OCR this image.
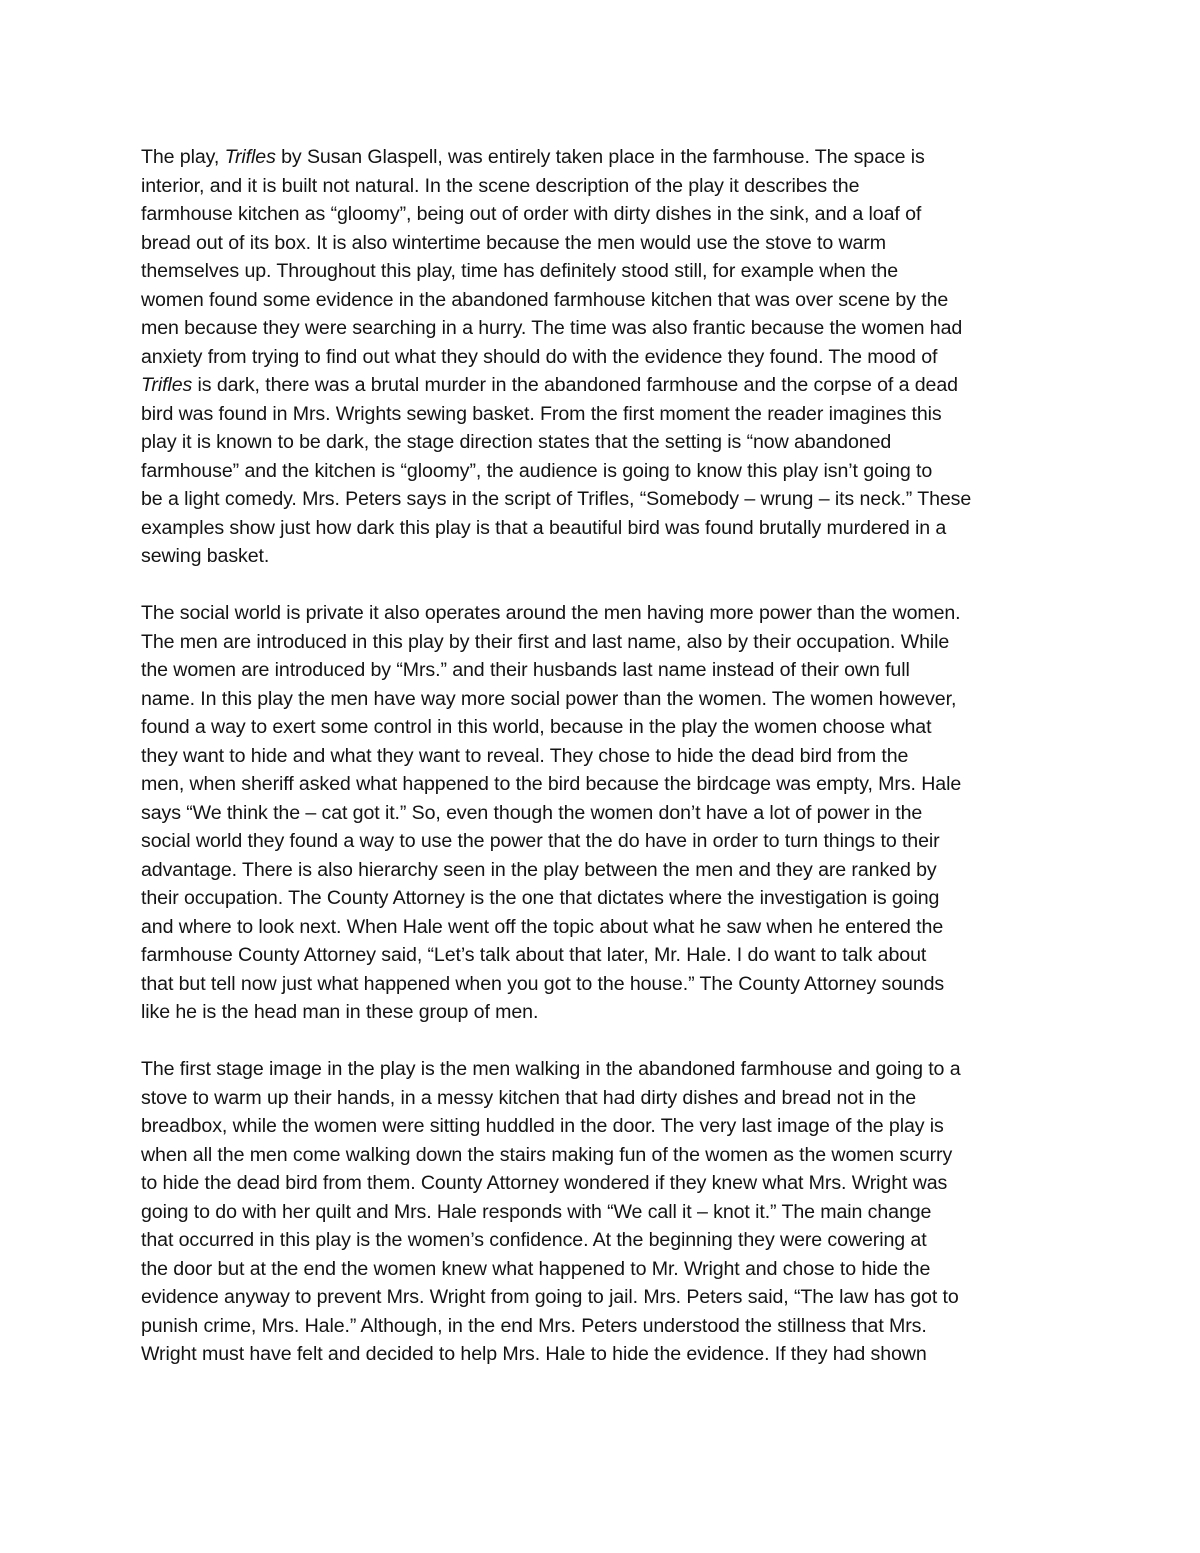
The play, Trifles by Susan Glaspell, was entirely taken place in the farmhouse. The space is
interior, and it is built not natural. In the scene description of the play it describes the
farmhouse kitchen as “gloomy”, being out of order with dirty dishes in the sink, and a loaf of
bread out of its box. It is also wintertime because the men would use the stove to warm
themselves up. Throughout this play, time has definitely stood still, for example when the
women found some evidence in the abandoned farmhouse kitchen that was over scene by the
men because they were searching in a hurry. The time was also frantic because the women had
anxiety from trying to find out what they should do with the evidence they found. The mood of
Trifles is dark, there was a brutal murder in the abandoned farmhouse and the corpse of a dead
bird was found in Mrs. Wrights sewing basket. From the first moment the reader imagines this
play it is known to be dark, the stage direction states that the setting is “now abandoned
farmhouse” and the kitchen is “gloomy”, the audience is going to know this play isn’t going to
be a light comedy. Mrs. Peters says in the script of Trifles, “Somebody – wrung – its neck.” These
examples show just how dark this play is that a beautiful bird was found brutally murdered in a
sewing basket.
The social world is private it also operates around the men having more power than the women.
The men are introduced in this play by their first and last name, also by their occupation. While
the women are introduced by “Mrs.” and their husbands last name instead of their own full
name. In this play the men have way more social power than the women. The women however,
found a way to exert some control in this world, because in the play the women choose what
they want to hide and what they want to reveal. They chose to hide the dead bird from the
men, when sheriff asked what happened to the bird because the birdcage was empty, Mrs. Hale
says “We think the – cat got it.” So, even though the women don’t have a lot of power in the
social world they found a way to use the power that the do have in order to turn things to their
advantage. There is also hierarchy seen in the play between the men and they are ranked by
their occupation. The County Attorney is the one that dictates where the investigation is going
and where to look next. When Hale went off the topic about what he saw when he entered the
farmhouse County Attorney said, “Let’s talk about that later, Mr. Hale. I do want to talk about
that but tell now just what happened when you got to the house.” The County Attorney sounds
like he is the head man in these group of men.
The first stage image in the play is the men walking in the abandoned farmhouse and going to a
stove to warm up their hands, in a messy kitchen that had dirty dishes and bread not in the
breadbox, while the women were sitting huddled in the door. The very last image of the play is
when all the men come walking down the stairs making fun of the women as the women scurry
to hide the dead bird from them. County Attorney wondered if they knew what Mrs. Wright was
going to do with her quilt and Mrs. Hale responds with “We call it – knot it.” The main change
that occurred in this play is the women’s confidence. At the beginning they were cowering at
the door but at the end the women knew what happened to Mr. Wright and chose to hide the
evidence anyway to prevent Mrs. Wright from going to jail. Mrs. Peters said, “The law has got to
punish crime, Mrs. Hale.” Although, in the end Mrs. Peters understood the stillness that Mrs.
Wright must have felt and decided to help Mrs. Hale to hide the evidence. If they had shown
